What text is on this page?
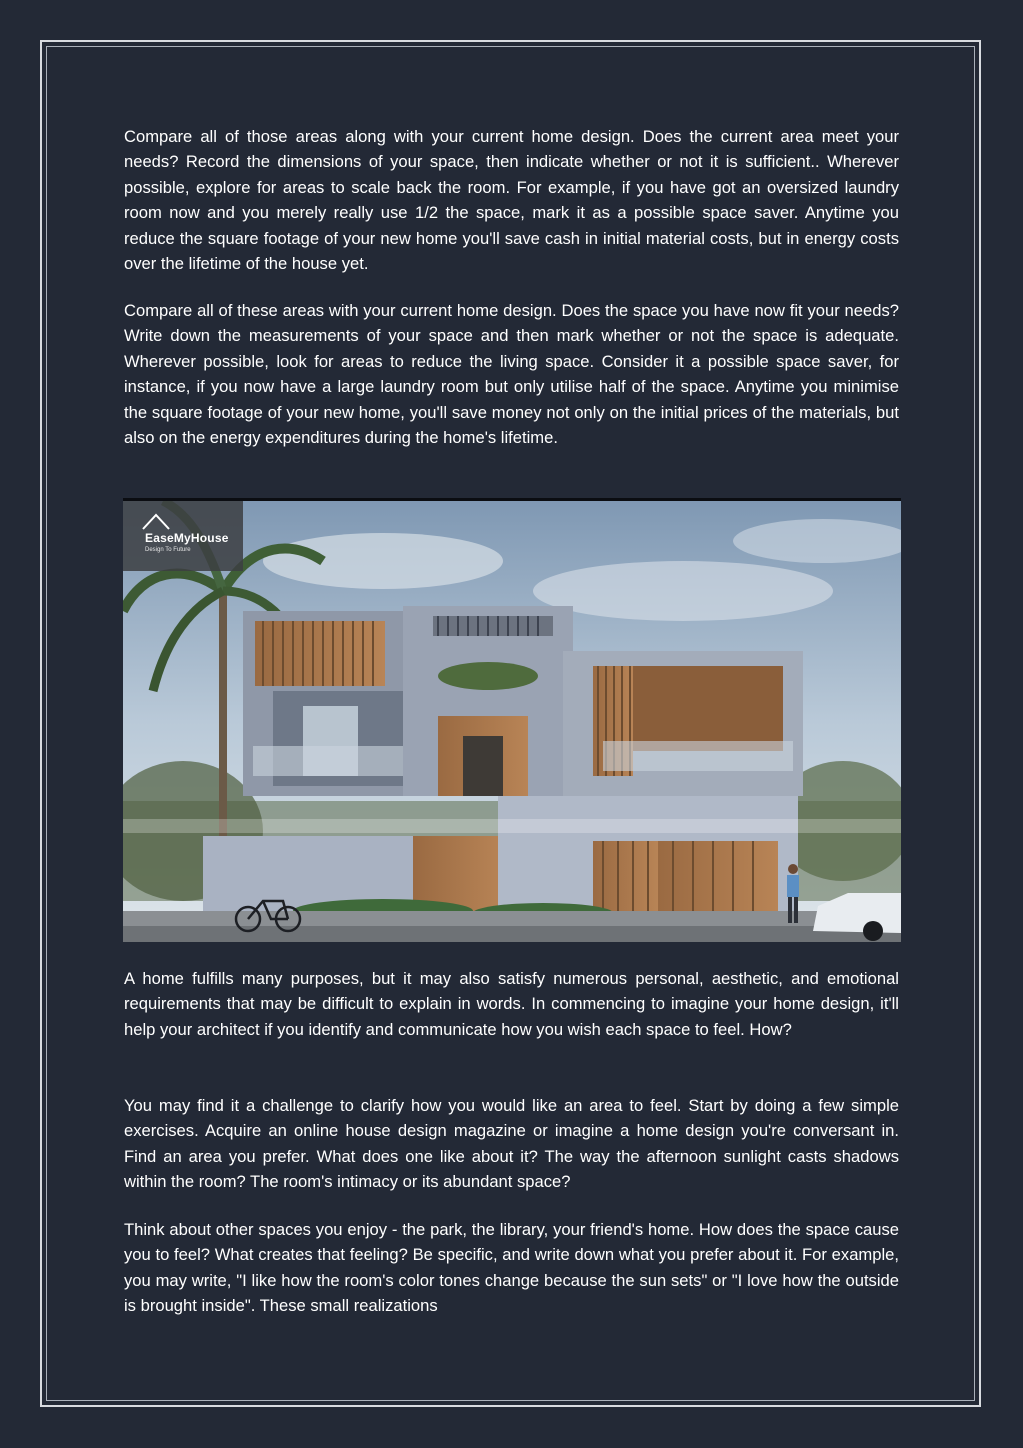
Compare all of those areas along with your current home design. Does the current area meet your needs? Record the dimensions of your space, then indicate whether or not it is sufficient.. Wherever possible, explore for areas to scale back the room. For example, if you have got an oversized laundry room now and you merely really use 1/2 the space, mark it as a possible space saver. Anytime you reduce the square footage of your new home you'll save cash in initial material costs, but in energy costs over the lifetime of the house yet.

Compare all of these areas with your current home design. Does the space you have now fit your needs? Write down the measurements of your space and then mark whether or not the space is adequate. Wherever possible, look for areas to reduce the living space. Consider it a possible space saver, for instance, if you now have a large laundry room but only utilise half of the space. Anytime you minimise the square footage of your new home, you'll save money not only on the initial prices of the materials, but also on the energy expenditures during the home's lifetime.

EaseMyHouse
Design To Future

A home fulfills many purposes, but it may also satisfy numerous personal, aesthetic, and emotional requirements that may be difficult to explain in words. In commencing to imagine your home design, it'll help your architect if you identify and communicate how you wish each space to feel. How?

You may find it a challenge to clarify how you would like an area to feel. Start by doing a few simple exercises. Acquire an online house design magazine or imagine a home design you're conversant in. Find an area you prefer. What does one like about it? The way the afternoon sunlight casts shadows within the room? The room's intimacy or its abundant space?

Think about other spaces you enjoy - the park, the library, your friend's home. How does the space cause you to feel? What creates that feeling? Be specific, and write down what you prefer about it. For example, you may write, "I like how the room's color tones change because the sun sets" or "I love how the outside is brought inside". These small realizations
